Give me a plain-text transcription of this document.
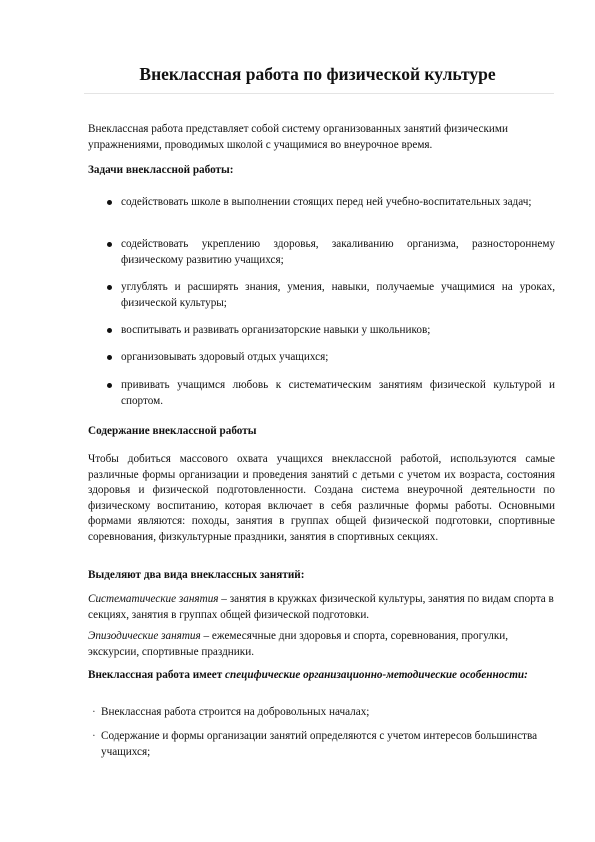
Внеклассная работа по физической культуре

Внеклассная работа представляет собой систему организованных занятий физическими упражнениями, проводимых школой с учащимися во внеурочное время.

Задачи внеклассной работы:

содействовать школе в выполнении стоящих перед ней учебно-воспитательных задач;

содействовать укреплению здоровья, закаливанию организма, разностороннему физическому развитию учащихся;

углублять и расширять знания, умения, навыки, получаемые учащимися на уроках, физической культуры;

воспитывать и развивать организаторские навыки у школьников;

организовывать здоровый отдых учащихся;

прививать учащимся любовь к систематическим занятиям физической культурой и спортом.

Содержание внеклассной работы

Чтобы добиться массового охвата учащихся внеклассной работой, используются самые различные формы организации и проведения занятий с детьми с учетом их возраста, состояния здоровья и физической подготовленности. Создана система внеурочной деятельности по физическому воспитанию, которая включает в себя различные формы работы. Основными формами являются: походы, занятия в группах общей физической подготовки, спортивные соревнования, физкультурные праздники, занятия в спортивных секциях.

Выделяют два вида внеклассных занятий:

Систематические занятия – занятия в кружках физической культуры, занятия по видам спорта в секциях, занятия в группах общей физической подготовки.

Эпизодические занятия – ежемесячные дни здоровья и спорта, соревнования, прогулки, экскурсии, спортивные праздники.

Внеклассная работа имеет специфические организационно-методические особенности:

· Внеклассная работа строится на добровольных началах;

· Содержание и формы организации занятий определяются с учетом интересов большинства учащихся;
